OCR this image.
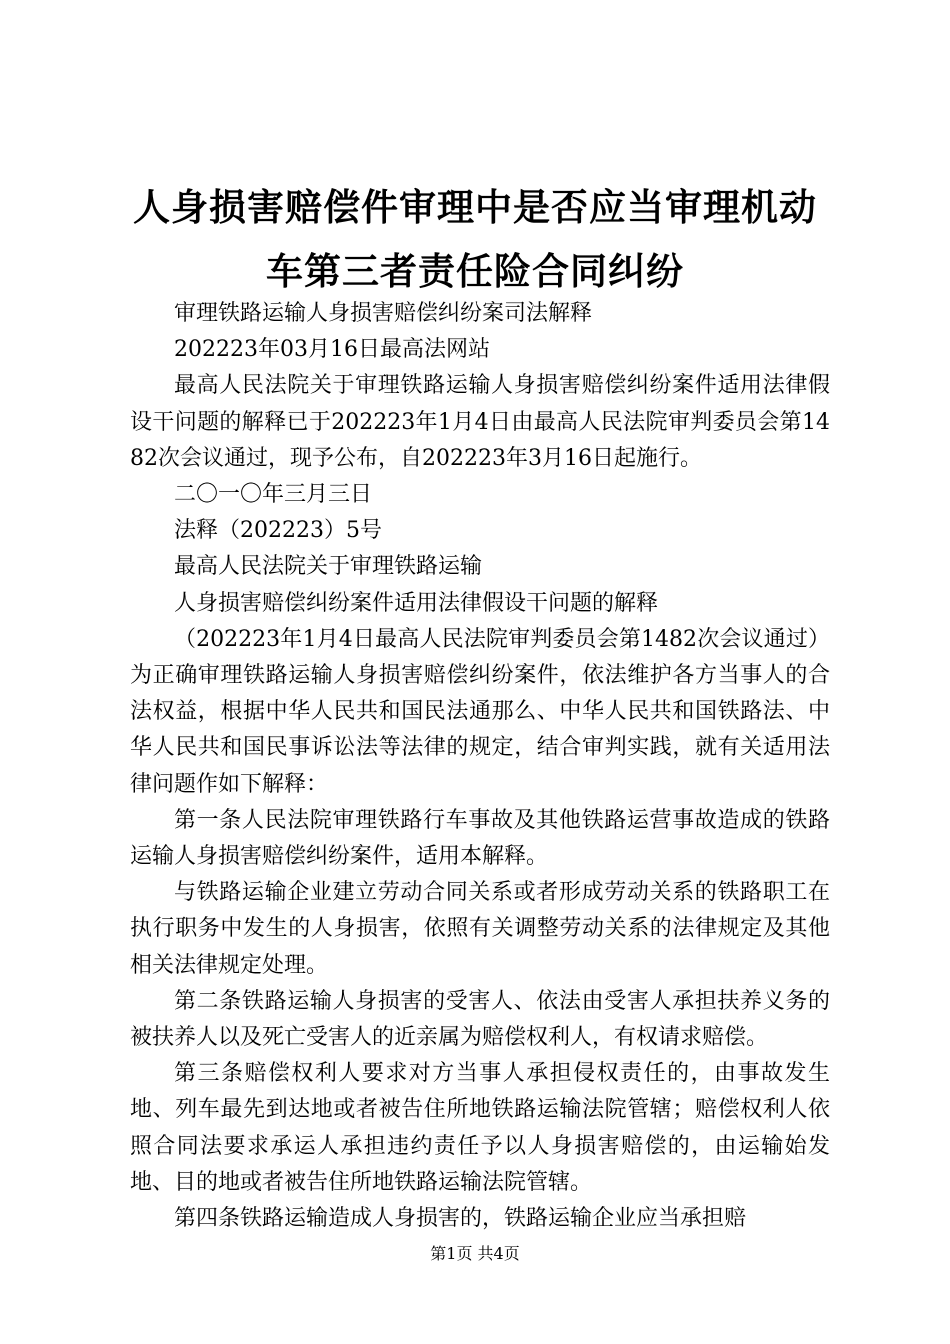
人身损害赔偿件审理中是否应当审理机动车第三者责任险合同纠纷

审理铁路运输人身损害赔偿纠纷案司法解释

202223年03月16日最高法网站

最高人民法院关于审理铁路运输人身损害赔偿纠纷案件适用法律假设干问题的解释已于202223年1月4日由最高人民法院审判委员会第1482次会议通过，现予公布，自202223年3月16日起施行。

二〇一〇年三月三日

法释（202223）5号

最高人民法院关于审理铁路运输

人身损害赔偿纠纷案件适用法律假设干问题的解释

（202223年1月4日最高人民法院审判委员会第1482次会议通过）为正确审理铁路运输人身损害赔偿纠纷案件，依法维护各方当事人的合法权益，根据中华人民共和国民法通那么、中华人民共和国铁路法、中华人民共和国民事诉讼法等法律的规定，结合审判实践，就有关适用法律问题作如下解释：

第一条人民法院审理铁路行车事故及其他铁路运营事故造成的铁路运输人身损害赔偿纠纷案件，适用本解释。

与铁路运输企业建立劳动合同关系或者形成劳动关系的铁路职工在执行职务中发生的人身损害，依照有关调整劳动关系的法律规定及其他相关法律规定处理。

第二条铁路运输人身损害的受害人、依法由受害人承担扶养义务的被扶养人以及死亡受害人的近亲属为赔偿权利人，有权请求赔偿。

第三条赔偿权利人要求对方当事人承担侵权责任的，由事故发生地、列车最先到达地或者被告住所地铁路运输法院管辖；赔偿权利人依照合同法要求承运人承担违约责任予以人身损害赔偿的，由运输始发地、目的地或者被告住所地铁路运输法院管辖。

第四条铁路运输造成人身损害的，铁路运输企业应当承担赔

第1页 共4页
